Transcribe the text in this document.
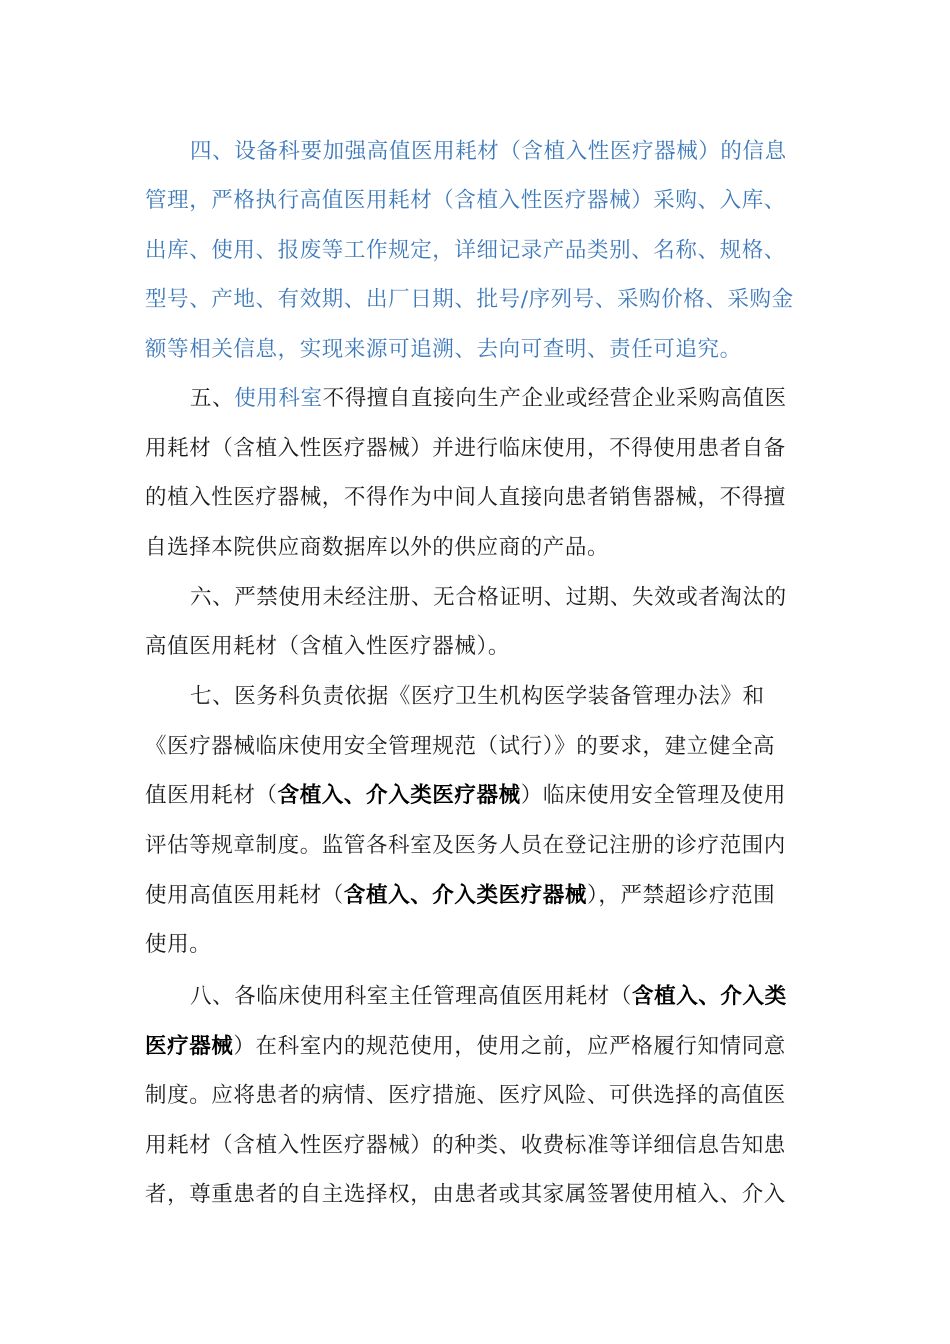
四、设备科要加强高值医用耗材（含植入性医疗器械）的信息
管理，严格执行高值医用耗材（含植入性医疗器械）采购、入库、
出库、使用、报废等工作规定，详细记录产品类别、名称、规格、
型号、产地、有效期、出厂日期、批号/序列号、采购价格、采购金
额等相关信息，实现来源可追溯、去向可查明、责任可追究。
五、使用科室不得擅自直接向生产企业或经营企业采购高值医
用耗材（含植入性医疗器械）并进行临床使用，不得使用患者自备
的植入性医疗器械，不得作为中间人直接向患者销售器械，不得擅
自选择本院供应商数据库以外的供应商的产品。
六、严禁使用未经注册、无合格证明、过期、失效或者淘汰的
高值医用耗材（含植入性医疗器械）。
七、医务科负责依据《医疗卫生机构医学装备管理办法》和
《医疗器械临床使用安全管理规范（试行）》的要求，建立健全高
值医用耗材（含植入、介入类医疗器械）临床使用安全管理及使用
评估等规章制度。监管各科室及医务人员在登记注册的诊疗范围内
使用高值医用耗材（含植入、介入类医疗器械），严禁超诊疗范围
使用。
八、各临床使用科室主任管理高值医用耗材（含植入、介入类
医疗器械）在科室内的规范使用，使用之前，应严格履行知情同意
制度。应将患者的病情、医疗措施、医疗风险、可供选择的高值医
用耗材（含植入性医疗器械）的种类、收费标准等详细信息告知患
者，尊重患者的自主选择权，由患者或其家属签署使用植入、介入
